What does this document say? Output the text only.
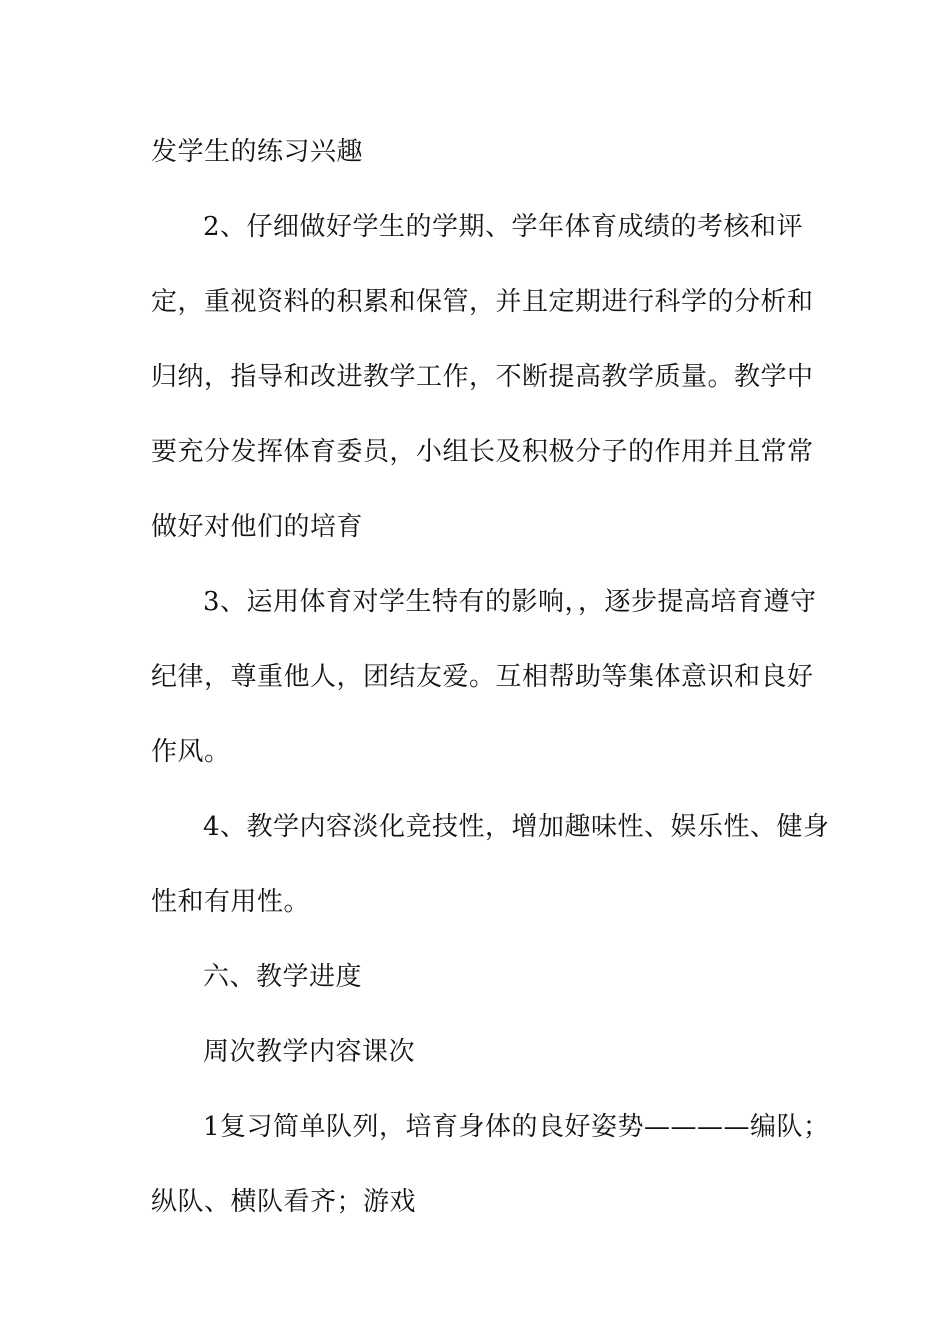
发学生的练习兴趣
2、仔细做好学生的学期、学年体育成绩的考核和评
定，重视资料的积累和保管，并且定期进行科学的分析和
归纳，指导和改进教学工作，不断提高教学质量。教学中
要充分发挥体育委员，小组长及积极分子的作用并且常常
做好对他们的培育
3、运用体育对学生特有的影响，，逐步提高培育遵守
纪律，尊重他人，团结友爱。互相帮助等集体意识和良好
作风。
4、教学内容淡化竞技性，增加趣味性、娱乐性、健身
性和有用性。
六、教学进度
周次教学内容课次
1复习简单队列，培育身体的良好姿势————编队；
纵队、横队看齐；游戏
